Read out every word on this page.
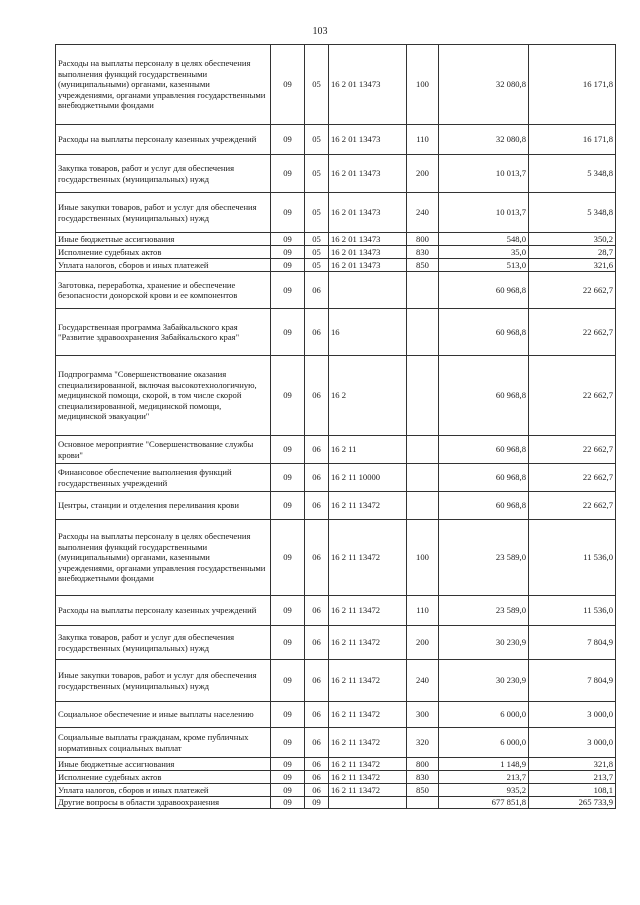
103
Расходы на выплаты персоналу в целях обеспечения выполнения функций государственными (муниципальными) органами, казенными учреждениями, органами управления государственными внебюджетными фондами	09	05	16 2 01 13473	100	32 080,8	16 171,8
Расходы на выплаты персоналу казенных учреждений	09	05	16 2 01 13473	110	32 080,8	16 171,8
Закупка товаров, работ и услуг для обеспечения государственных (муниципальных) нужд	09	05	16 2 01 13473	200	10 013,7	5 348,8
Иные закупки товаров, работ и услуг для обеспечения государственных (муниципальных) нужд	09	05	16 2 01 13473	240	10 013,7	5 348,8
Иные бюджетные ассигнования	09	05	16 2 01 13473	800	548,0	350,2
Исполнение судебных актов	09	05	16 2 01 13473	830	35,0	28,7
Уплата налогов, сборов и иных платежей	09	05	16 2 01 13473	850	513,0	321,6
Заготовка, переработка, хранение и обеспечение безопасности донорской крови и ее компонентов	09	06			60 968,8	22 662,7
Государственная программа Забайкальского края "Развитие здравоохранения Забайкальского края"	09	06	16		60 968,8	22 662,7
Подпрограмма "Совершенствование оказания специализированной, включая высокотехнологичную, медицинской помощи, скорой, в том числе скорой специализированной, медицинской помощи, медицинской эвакуации"	09	06	16 2		60 968,8	22 662,7
Основное мероприятие "Совершенствование службы крови"	09	06	16 2 11		60 968,8	22 662,7
Финансовое обеспечение выполнения функций государственных учреждений	09	06	16 2 11 10000		60 968,8	22 662,7
Центры, станции и отделения переливания крови	09	06	16 2 11 13472		60 968,8	22 662,7
Расходы на выплаты персоналу в целях обеспечения выполнения функций государственными (муниципальными) органами, казенными учреждениями, органами управления государственными внебюджетными фондами	09	06	16 2 11 13472	100	23 589,0	11 536,0
Расходы на выплаты персоналу казенных учреждений	09	06	16 2 11 13472	110	23 589,0	11 536,0
Закупка товаров, работ и услуг для обеспечения государственных (муниципальных) нужд	09	06	16 2 11 13472	200	30 230,9	7 804,9
Иные закупки товаров, работ и услуг для обеспечения государственных (муниципальных) нужд	09	06	16 2 11 13472	240	30 230,9	7 804,9
Социальное обеспечение и иные выплаты населению	09	06	16 2 11 13472	300	6 000,0	3 000,0
Социальные выплаты гражданам, кроме публичных нормативных социальных выплат	09	06	16 2 11 13472	320	6 000,0	3 000,0
Иные бюджетные ассигнования	09	06	16 2 11 13472	800	1 148,9	321,8
Исполнение судебных актов	09	06	16 2 11 13472	830	213,7	213,7
Уплата налогов, сборов и иных платежей	09	06	16 2 11 13472	850	935,2	108,1
Другие вопросы в области здравоохранения	09	09			677 851,8	265 733,9
